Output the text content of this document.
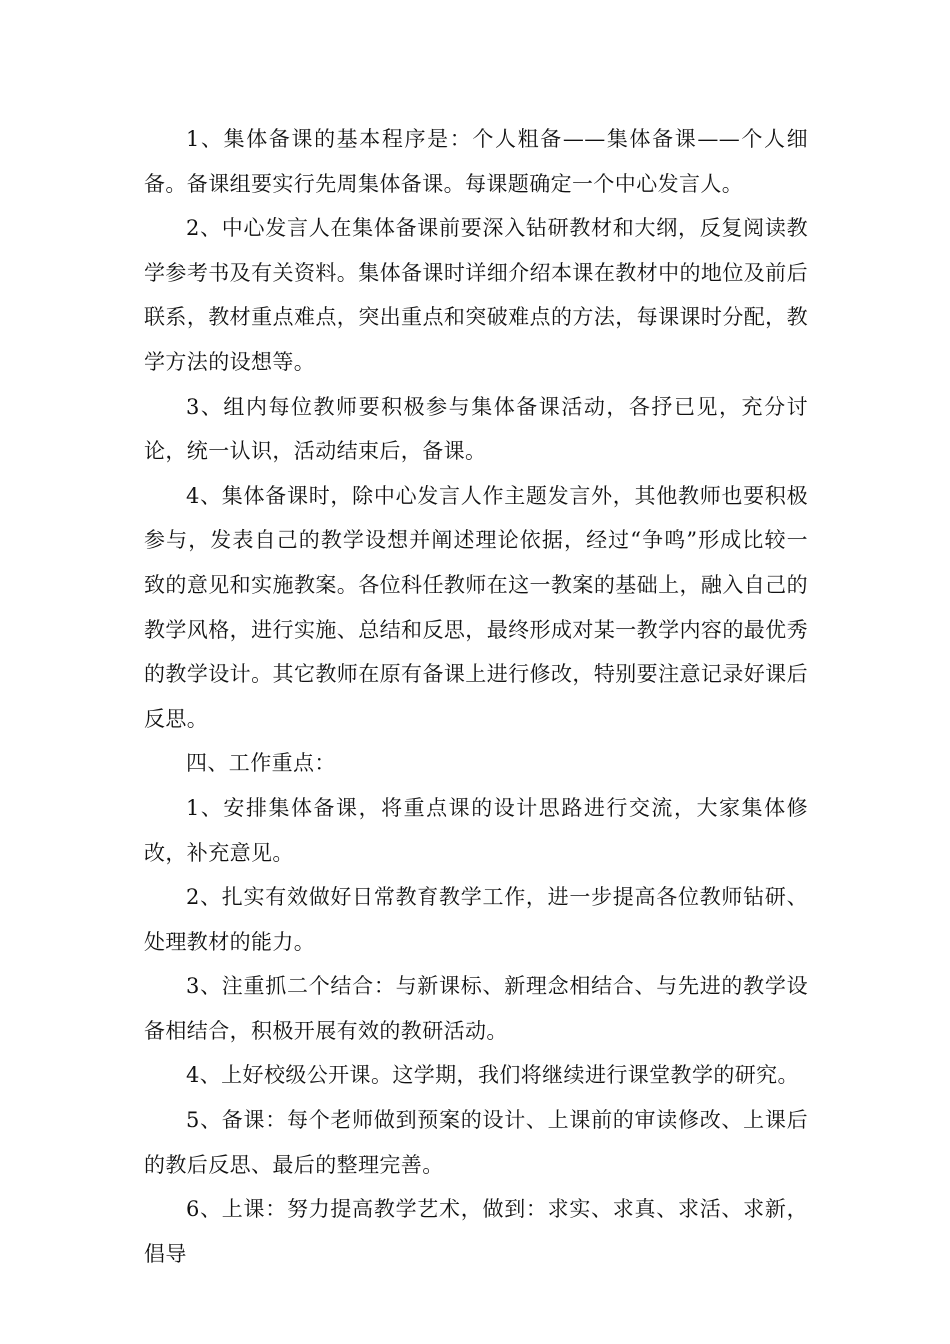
1、集体备课的基本程序是：个人粗备——集体备课——个人细备。备课组要实行先周集体备课。每课题确定一个中心发言人。

2、中心发言人在集体备课前要深入钻研教材和大纲，反复阅读教学参考书及有关资料。集体备课时详细介绍本课在教材中的地位及前后联系，教材重点难点，突出重点和突破难点的方法，每课课时分配，教学方法的设想等。

3、组内每位教师要积极参与集体备课活动，各抒已见，充分讨论，统一认识，活动结束后，备课。

4、集体备课时，除中心发言人作主题发言外，其他教师也要积极参与，发表自己的教学设想并阐述理论依据，经过“争鸣”形成比较一致的意见和实施教案。各位科任教师在这一教案的基础上，融入自己的教学风格，进行实施、总结和反思，最终形成对某一教学内容的最优秀的教学设计。其它教师在原有备课上进行修改，特别要注意记录好课后反思。

四、工作重点：

1、安排集体备课，将重点课的设计思路进行交流，大家集体修改，补充意见。

2、扎实有效做好日常教育教学工作，进一步提高各位教师钻研、处理教材的能力。

3、注重抓二个结合：与新课标、新理念相结合、与先进的教学设备相结合，积极开展有效的教研活动。

4、上好校级公开课。这学期，我们将继续进行课堂教学的研究。

5、备课：每个老师做到预案的设计、上课前的审读修改、上课后的教后反思、最后的整理完善。

6、上课：努力提高教学艺术，做到：求实、求真、求活、求新，倡导
